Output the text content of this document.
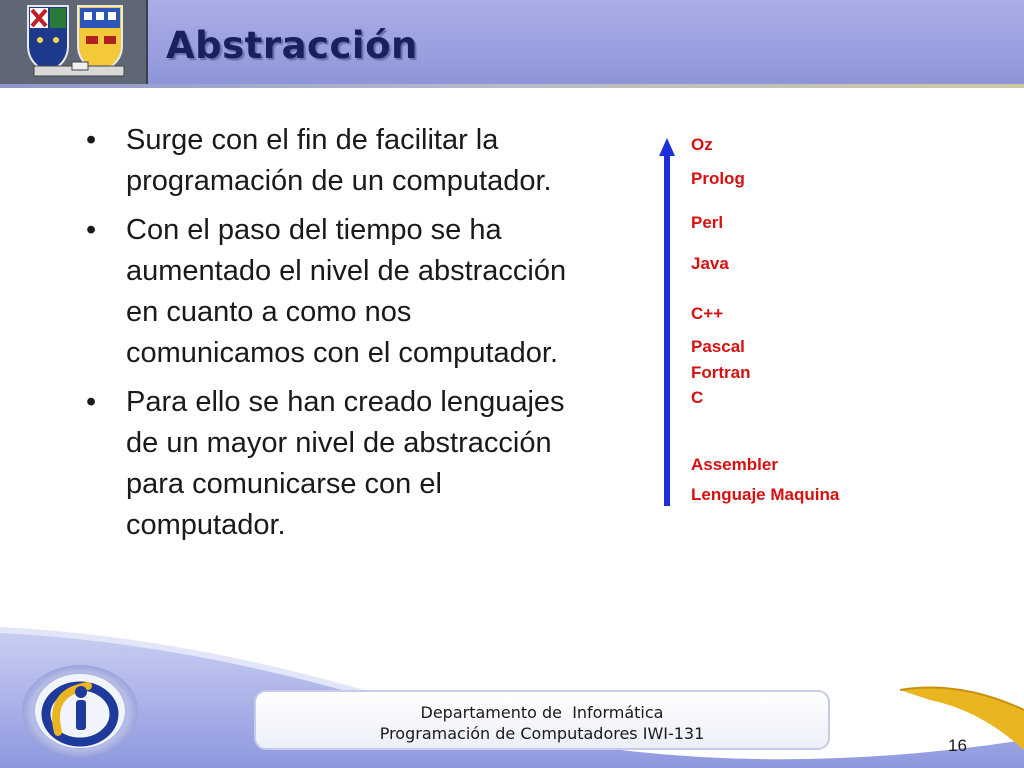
Abstracción
• Surge con el fin de facilitar la programación de un computador.
• Con el paso del tiempo se ha aumentado el nivel de abstracción en cuanto a como nos comunicamos con el computador.
• Para ello se han creado lenguajes de un mayor nivel de abstracción para comunicarse con el computador.
Oz
Prolog
Perl
Java
C++
Pascal
Fortran
C
Assembler
Lenguaje Maquina
Departamento de  Informática
Programación de Computadores IWI-131
16
